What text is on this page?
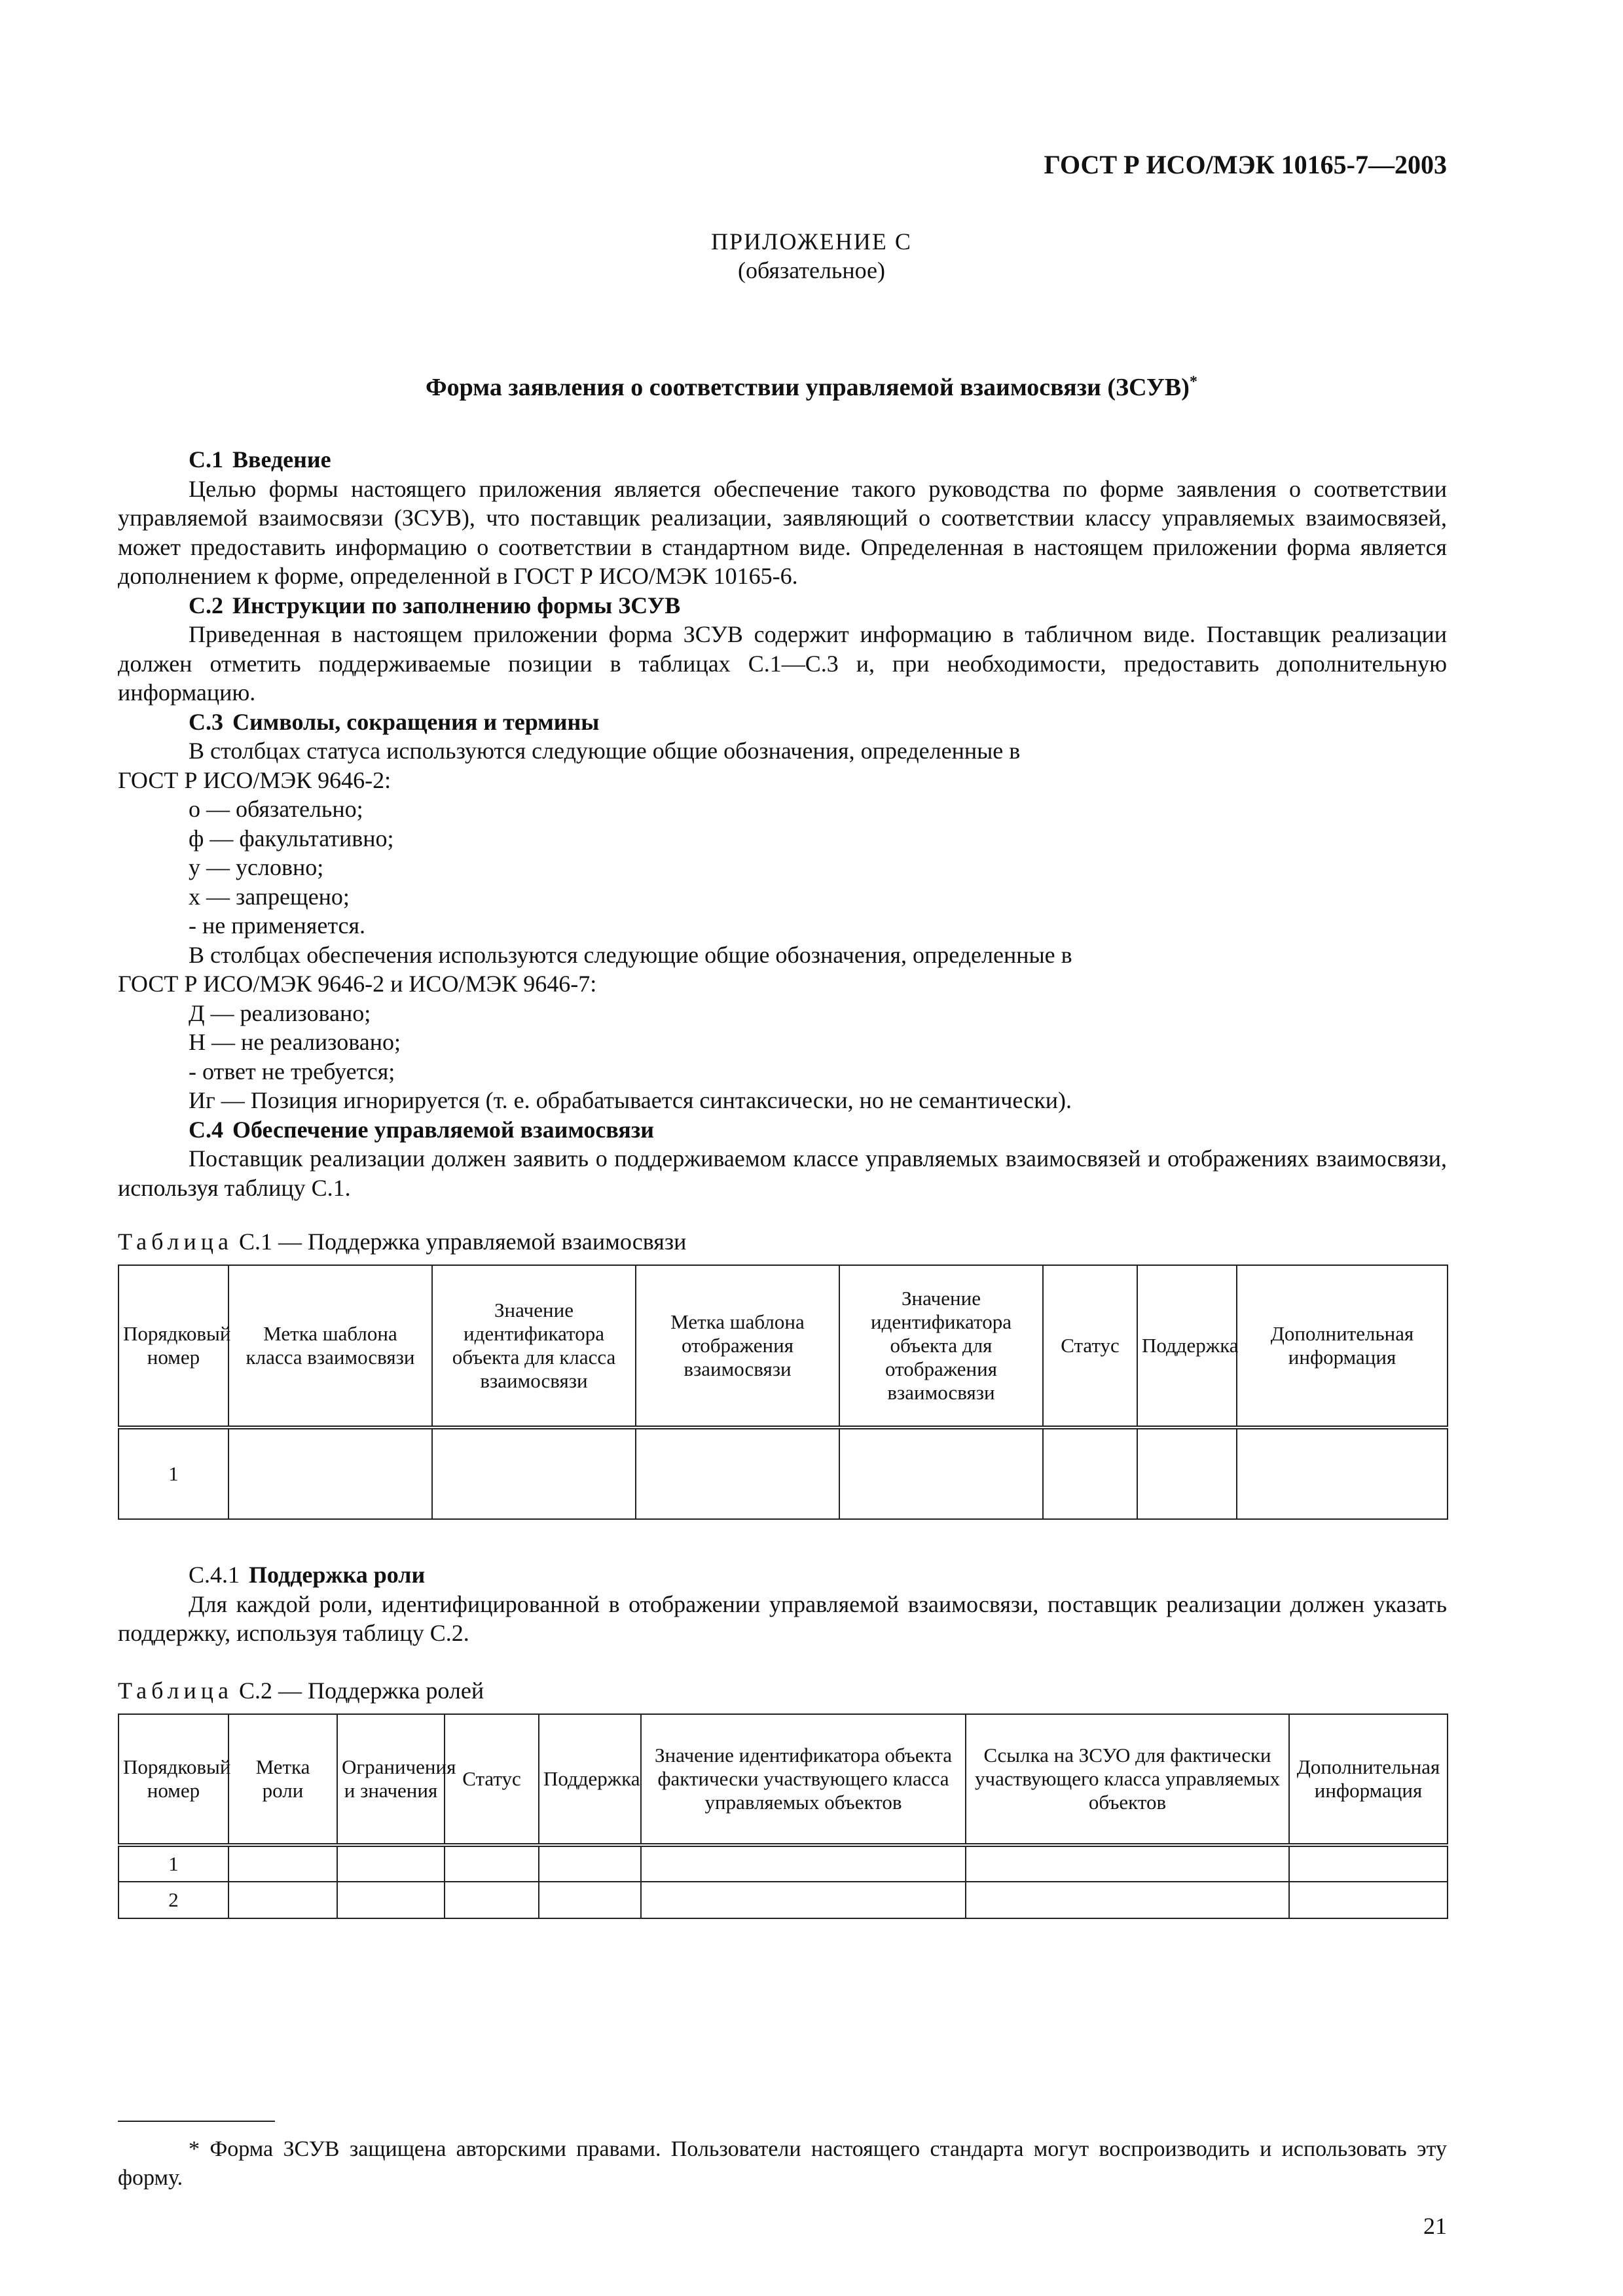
ГОСТ Р ИСО/МЭК 10165-7—2003
ПРИЛОЖЕНИЕ С
(обязательное)
Форма заявления о соответствии управляемой взаимосвязи (ЗСУВ)*

С.1 Введение

Целью формы настоящего приложения является обеспечение такого руководства по форме заявления о соответствии управляемой взаимосвязи (ЗСУВ), что поставщик реализации, заявляющий о соответствии классу управляемых взаимосвязей, может предоставить информацию о соответствии в стандартном виде. Определенная в настоящем приложении форма является дополнением к форме, определенной в ГОСТ Р ИСО/МЭК 10165-6.

С.2 Инструкции по заполнению формы ЗСУВ

Приведенная в настоящем приложении форма ЗСУВ содержит информацию в табличном виде. Поставщик реализации должен отметить поддерживаемые позиции в таблицах С.1—С.3 и, при необходимости, предоставить дополнительную информацию.

С.3 Символы, сокращения и термины

В столбцах статуса используются следующие общие обозначения, определенные в

ГОСТ Р ИСО/МЭК 9646-2:

о — обязательно;

ф — факультативно;

у — условно;

х — запрещено;

- не применяется.

В столбцах обеспечения используются следующие общие обозначения, определенные в

ГОСТ Р ИСО/МЭК 9646-2 и ИСО/МЭК 9646-7:

Д — реализовано;

Н — не реализовано;

- ответ не требуется;

Иг — Позиция игнорируется (т. е. обрабатывается синтаксически, но не семантически).

С.4 Обеспечение управляемой взаимосвязи

Поставщик реализации должен заявить о поддерживаемом классе управляемых взаимосвязей и отображениях взаимосвязи, используя таблицу С.1.

Таблица С.1 — Поддержка управляемой взаимосвязи
Порядковый номер	Метка шаблона класса взаимосвязи	Значение идентификатора объекта для класса взаимосвязи	Метка шаблона отображения взаимосвязи	Значение идентификатора объекта для отображения взаимосвязи	Статус	Поддержка	Дополнительная информация
1							

С.4.1 Поддержка роли

Для каждой роли, идентифицированной в отображении управляемой взаимосвязи, поставщик реализации должен указать поддержку, используя таблицу С.2.

Таблица С.2 — Поддержка ролей
Порядковый номер	Метка роли	Ограничения и значения	Статус	Поддержка	Значение идентификатора объекта фактически участвующего класса управляемых объектов	Ссылка на ЗСУО для фактически участвующего класса управляемых объектов	Дополнительная информация
1							
2							
* Форма ЗСУВ защищена авторскими правами. Пользователи настоящего стандарта могут воспроизводить и использовать эту форму.
21
